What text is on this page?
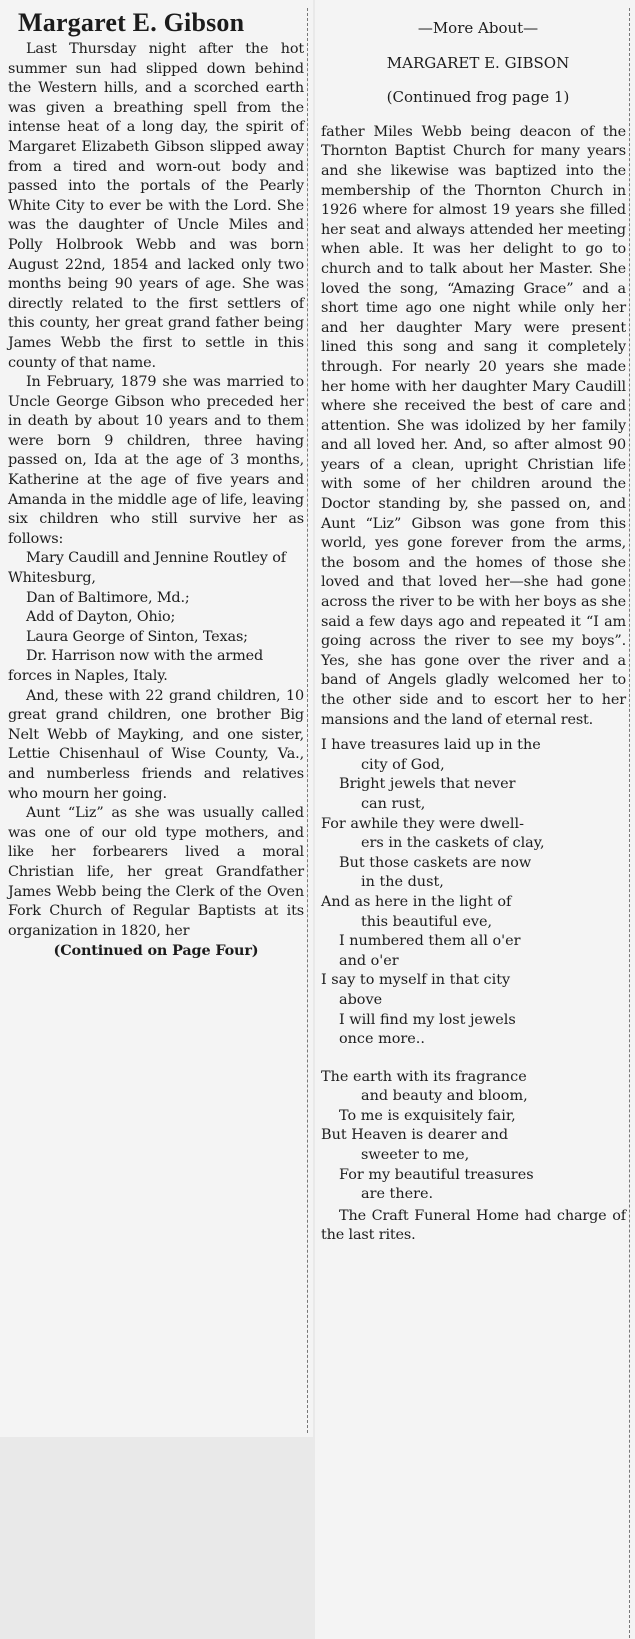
Margaret E. Gibson

Last Thursday night after the hot summer sun had slipped down behind the Western hills, and a scorched earth was given a breathing spell from the intense heat of a long day, the spirit of Margaret Elizabeth Gibson slipped away from a tired and worn-out body and passed into the portals of the Pearly White City to ever be with the Lord. She was the daughter of Uncle Miles and Polly Holbrook Webb and was born August 22nd, 1854 and lacked only two months being 90 years of age. She was directly related to the first settlers of this county, her great grand father being James Webb the first to settle in this county of that name.

In February, 1879 she was married to Uncle George Gibson who preceded her in death by about 10 years and to them were born 9 children, three having passed on, Ida at the age of 3 months, Katherine at the age of five years and Amanda in the middle age of life, leaving six children who still survive her as follows:

Mary Caudill and Jennine Routley of Whitesburg,

Dan of Baltimore, Md.;

Add of Dayton, Ohio;

Laura George of Sinton, Texas;

Dr. Harrison now with the armed forces in Naples, Italy.

And, these with 22 grand children, 10 great grand children, one brother Big Nelt Webb of Mayking, and one sister, Lettie Chisenhaul of Wise County, Va., and numberless friends and relatives who mourn her going.

Aunt “Liz” as she was usually called was one of our old type mothers, and like her forbearers lived a moral Christian life, her great Grandfather James Webb being the Clerk of the Oven Fork Church of Regular Baptists at its organization in 1820, her

(Continued on Page Four)

—More About—

MARGARET E. GIBSON

(Continued frog page 1)

father Miles Webb being deacon of the Thornton Baptist Church for many years and she likewise was baptized into the membership of the Thornton Church in 1926 where for almost 19 years she filled her seat and always attended her meeting when able. It was her delight to go to church and to talk about her Master. She loved the song, “Amazing Grace” and a short time ago one night while only her and her daughter Mary were present lined this song and sang it completely through. For nearly 20 years she made her home with her daughter Mary Caudill where she received the best of care and attention. She was idolized by her family and all loved her. And, so after almost 90 years of a clean, upright Christian life with some of her children around the Doctor standing by, she passed on, and Aunt “Liz” Gibson was gone from this world, yes gone forever from the arms, the bosom and the homes of those she loved and that loved her—she had gone across the river to be with her boys as she said a few days ago and repeated it “I am going across the river to see my boys”. Yes, she has gone over the river and a band of Angels gladly welcomed her to the other side and to escort her to her mansions and the land of eternal rest.

I have treasures laid up in the
city of God,
Bright jewels that never
can rust,
For awhile they were dwell-
ers in the caskets of clay,
But those caskets are now
in the dust,
And as here in the light of
this beautiful eve,
I numbered them all o'er
and o'er
I say to myself in that city
above
I will find my lost jewels
once more..
The earth with its fragrance
and beauty and bloom,
To me is exquisitely fair,
But Heaven is dearer and
sweeter to me,
For my beautiful treasures
are there.

The Craft Funeral Home had charge of the last rites.
